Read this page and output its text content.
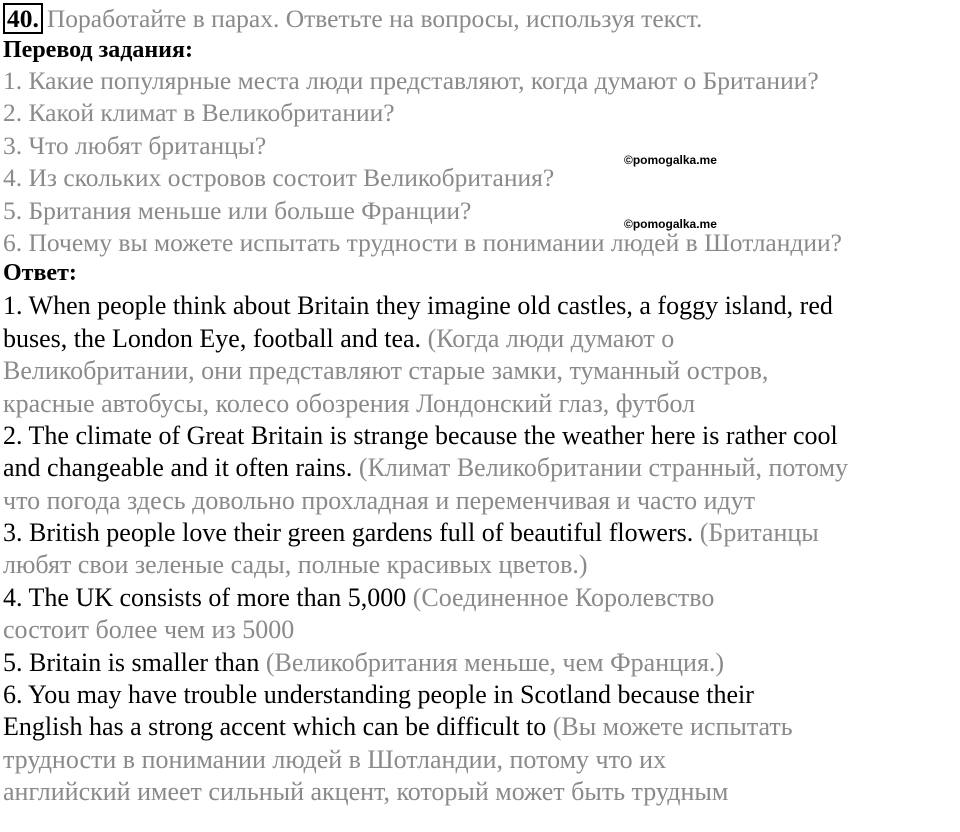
40. Поработайте в парах. Ответьте на вопросы, используя текст.
Перевод задания:
1. Какие популярные места люди представляют, когда думают о Британии?
2. Какой климат в Великобритании?
3. Что любят британцы?
4. Из скольких островов состоит Великобритания?
5. Британия меньше или больше Франции?
6. Почему вы можете испытать трудности в понимании людей в Шотландии?
Ответ:
1. When people think about Britain they imagine old castles, a foggy island, red
buses, the London Eye, football and tea. (Когда люди думают о
Великобритании, они представляют старые замки, туманный остров,
красные автобусы, колесо обозрения Лондонский глаз, футбол
2. The climate of Great Britain is strange because the weather here is rather cool
and changeable and it often rains. (Климат Великобритании странный, потому
что погода здесь довольно прохладная и переменчивая и часто идут
3. British people love their green gardens full of beautiful flowers. (Британцы
любят свои зеленые сады, полные красивых цветов.)
4. The UK consists of more than 5,000 (Соединенное Королевство
состоит более чем из 5000
5. Britain is smaller than (Великобритания меньше, чем Франция.)
6. You may have trouble understanding people in Scotland because their
English has a strong accent which can be difficult to (Вы можете испытать
трудности в понимании людей в Шотландии, потому что их
английский имеет сильный акцент, который может быть трудным
©pomogalka.me
©pomogalka.me
